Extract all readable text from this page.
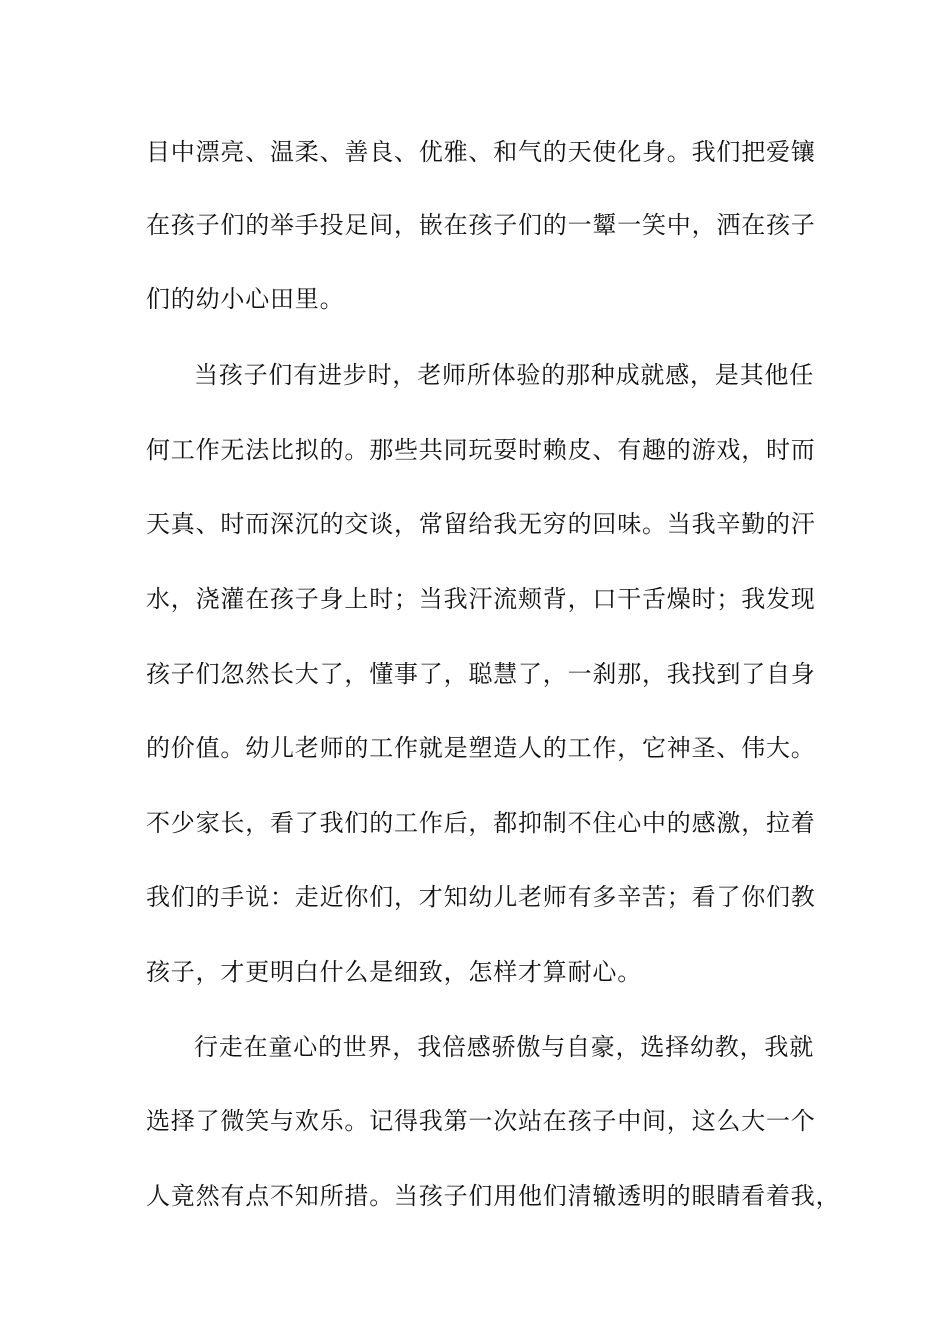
目中漂亮、温柔、善良、优雅、和气的天使化身。我们把爱镶
在孩子们的举手投足间，嵌在孩子们的一颦一笑中，洒在孩子
们的幼小心田里。
当孩子们有进步时，老师所体验的那种成就感，是其他任
何工作无法比拟的。那些共同玩耍时赖皮、有趣的游戏，时而
天真、时而深沉的交谈，常留给我无穷的回味。当我辛勤的汗
水，浇灌在孩子身上时；当我汗流颊背，口干舌燥时；我发现
孩子们忽然长大了，懂事了，聪慧了，一刹那，我找到了自身
的价值。幼儿老师的工作就是塑造人的工作，它神圣、伟大。
不少家长，看了我们的工作后，都抑制不住心中的感激，拉着
我们的手说：走近你们，才知幼儿老师有多辛苦；看了你们教
孩子，才更明白什么是细致，怎样才算耐心。
行走在童心的世界，我倍感骄傲与自豪，选择幼教，我就
选择了微笑与欢乐。记得我第一次站在孩子中间，这么大一个
人竟然有点不知所措。当孩子们用他们清辙透明的眼睛看着我，
